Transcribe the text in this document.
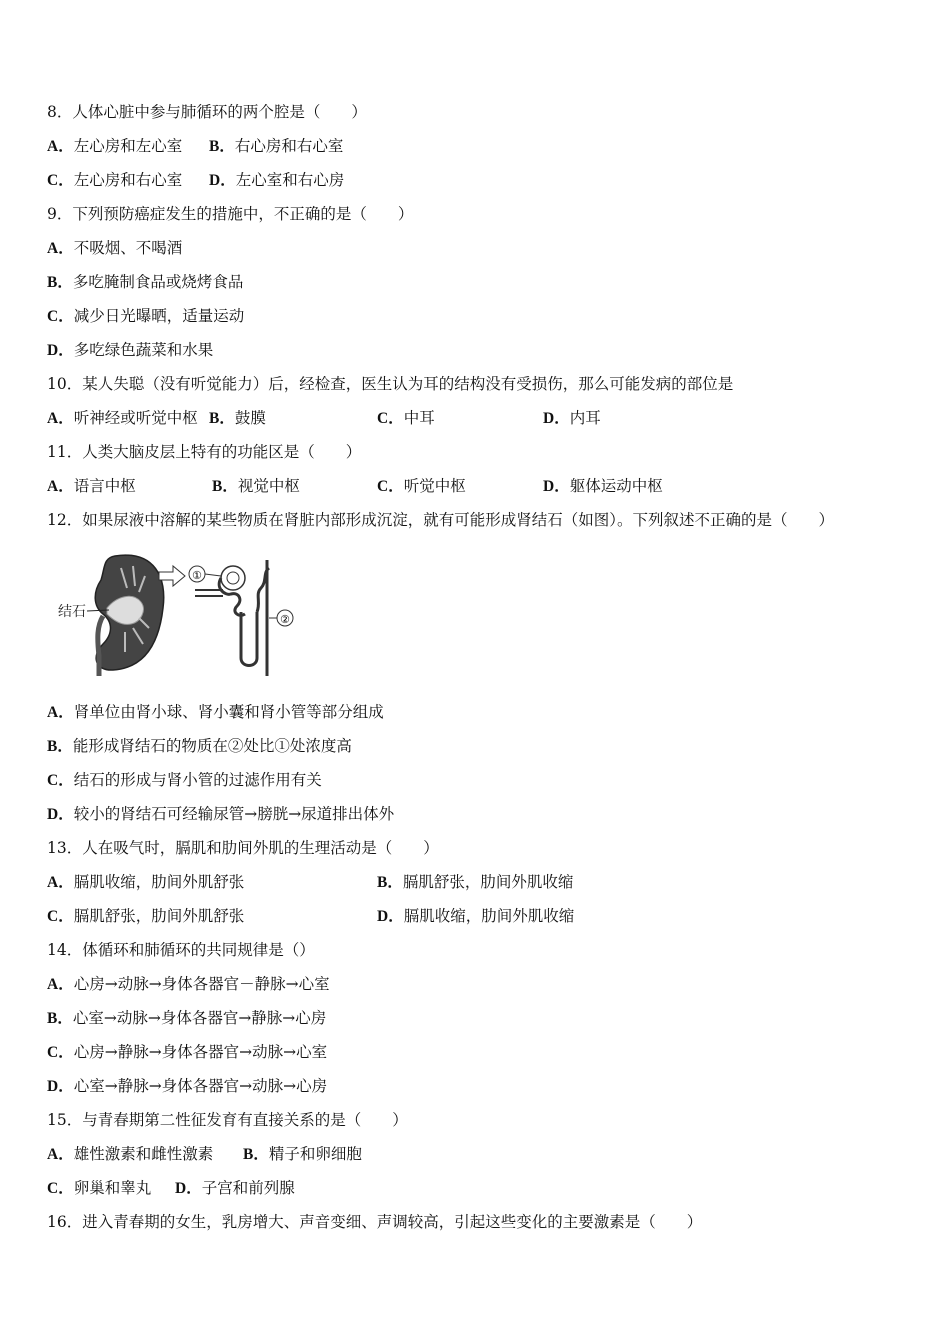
8．人体心脏中参与肺循环的两个腔是（　　）
A．左心房和左心室 B．右心房和右心室
C．左心房和右心室 D．左心室和右心房
9．下列预防癌症发生的措施中，不正确的是（　　）
A．不吸烟、不喝酒
B．多吃腌制食品或烧烤食品
C．减少日光曝晒，适量运动
D．多吃绿色蔬菜和水果
10．某人失聪（没有听觉能力）后，经检查，医生认为耳的结构没有受损伤，那么可能发病的部位是
A．听神经或听觉中枢 B．鼓膜	C．中耳	D．内耳
11．人类大脑皮层上特有的功能区是（　　）
A．语言中枢	B．视觉中枢	C．听觉中枢	D．躯体运动中枢
12．如果尿液中溶解的某些物质在肾脏内部形成沉淀，就有可能形成肾结石（如图）。下列叙述不正确的是（　　）
结石
①
②
A．肾单位由肾小球、肾小囊和肾小管等部分组成
B．能形成肾结石的物质在②处比①处浓度高
C．结石的形成与肾小管的过滤作用有关
D．较小的肾结石可经输尿管→膀胱→尿道排出体外
13．人在吸气时，膈肌和肋间外肌的生理活动是（　　）
A．膈肌收缩，肋间外肌舒张	B．膈肌舒张，肋间外肌收缩
C．膈肌舒张，肋间外肌舒张	D．膈肌收缩，肋间外肌收缩
14．体循环和肺循环的共同规律是（）
A．心房→动脉→身体各器官－静脉→心室
B．心室→动脉→身体各器官→静脉→心房
C．心房→静脉→身体各器官→动脉→心室
D．心室→静脉→身体各器官→动脉→心房
15．与青春期第二性征发育有直接关系的是（　　）
A．雄性激素和雌性激素 B．精子和卵细胞
C．卵巢和睾丸 D．子宫和前列腺
16．进入青春期的女生，乳房增大、声音变细、声调较高，引起这些变化的主要激素是（　　）
